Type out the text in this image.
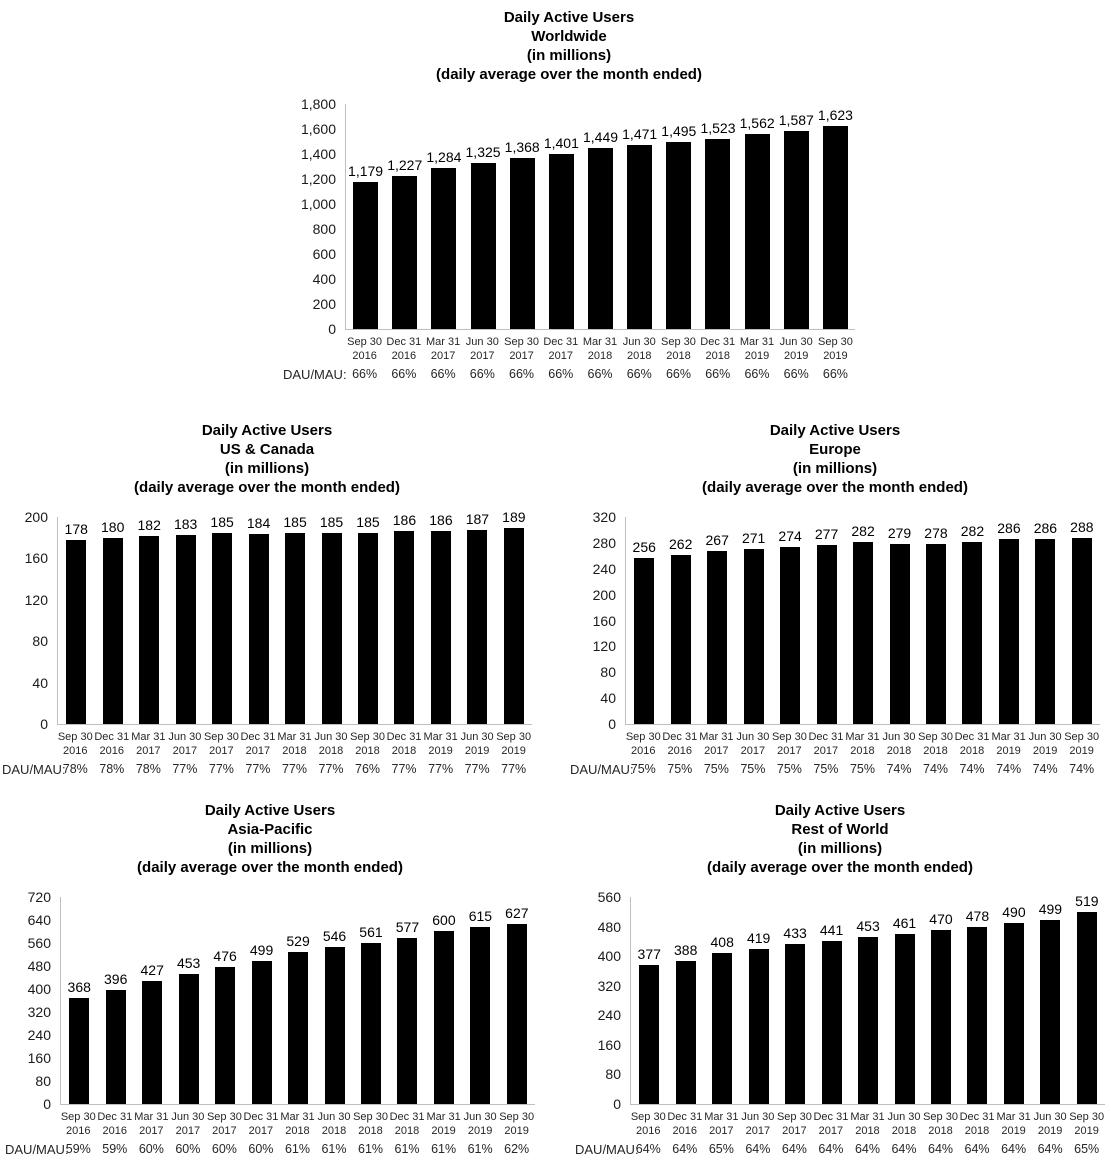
Daily Active Users
Worldwide
(in millions)
(daily average over the month ended)
1,800
1,600
1,400
1,200
1,000
800
600
400
200
0
1,179 1,227 1,284 1,325 1,368 1,401 1,449 1,471 1,495 1,523 1,562 1,587 1,623
Sep 30
2016
Dec 31
2016
Mar 31
2017
Jun 30
2017
Sep 30
2017
Dec 31
2017
Mar 31
2018
Jun 30
2018
Sep 30
2018
Dec 31
2018
Mar 31
2019
Jun 30
2019
Sep 30
2019
DAU/MAU: 66%	66%	66%	66%	66%	66%	66%	66%	66%	66%	66%	66%	66%
Daily Active Users
US & Canada
(in millions)
(daily average over the month ended)
200
160
120
80
40
0
178 180 182 183 185 184 185 185 185 186 186 187 189
Sep 30
2016
Dec 31
2016
Mar 31
2017
Jun 30
2017
Sep 30
2017
Dec 31
2017
Mar 31
2018
Jun 30
2018
Sep 30
2018
Dec 31
2018
Mar 31
2019
Jun 30
2019
Sep 30
2019
DAU/MAU:
78% 78% 78% 77% 77% 77% 77% 77% 76% 77% 77% 77% 77%
Daily Active Users
Europe
(in millions)
(daily average over the month ended)
320
280
240
200
160
120
80
40
0
256 262 267 271 274 277 282 279 278 282 286 286 288
Sep 30
2016
Dec 31
2016
Mar 31
2017
Jun 30
2017
Sep 30
2017
Dec 31
2017
Mar 31
2018
Jun 30
2018
Sep 30
2018
Dec 31
2018
Mar 31
2019
Jun 30
2019
Sep 30
2019
DAU/MAU:
75% 75% 75% 75% 75% 75% 75% 74% 74% 74% 74% 74% 74%
Daily Active Users
Asia-Pacific
(in millions)
(daily average over the month ended)
720
640
560
480
400
320
240
160
80
0
368 396
427 453 476 499
529 546 561 577 600 615 627
Sep 30
2016
Dec 31
2016
Mar 31
2017
Jun 30
2017
Sep 30
2017
Dec 31
2017
Mar 31
2018
Jun 30
2018
Sep 30
2018
Dec 31
2018
Mar 31
2019
Jun 30
2019
Sep 30
2019
DAU/MAU:
59% 59% 60% 60% 60% 60% 61% 61% 61% 61% 61% 61% 62%
Daily Active Users
Rest of World
(in millions)
(daily average over the month ended)
560
480
400
320
240
160
80
0
377 388 408 419 433 441 453 461 470 478 490 499 519
Sep 30
2016
Dec 31
2016
Mar 31
2017
Jun 30
2017
Sep 30
2017
Dec 31
2017
Mar 31
2018
Jun 30
2018
Sep 30
2018
Dec 31
2018
Mar 31
2019
Jun 30
2019
Sep 30
2019
DAU/MAU:
64% 64% 65% 64% 64% 64% 64% 64% 64% 64% 64% 64% 65%
